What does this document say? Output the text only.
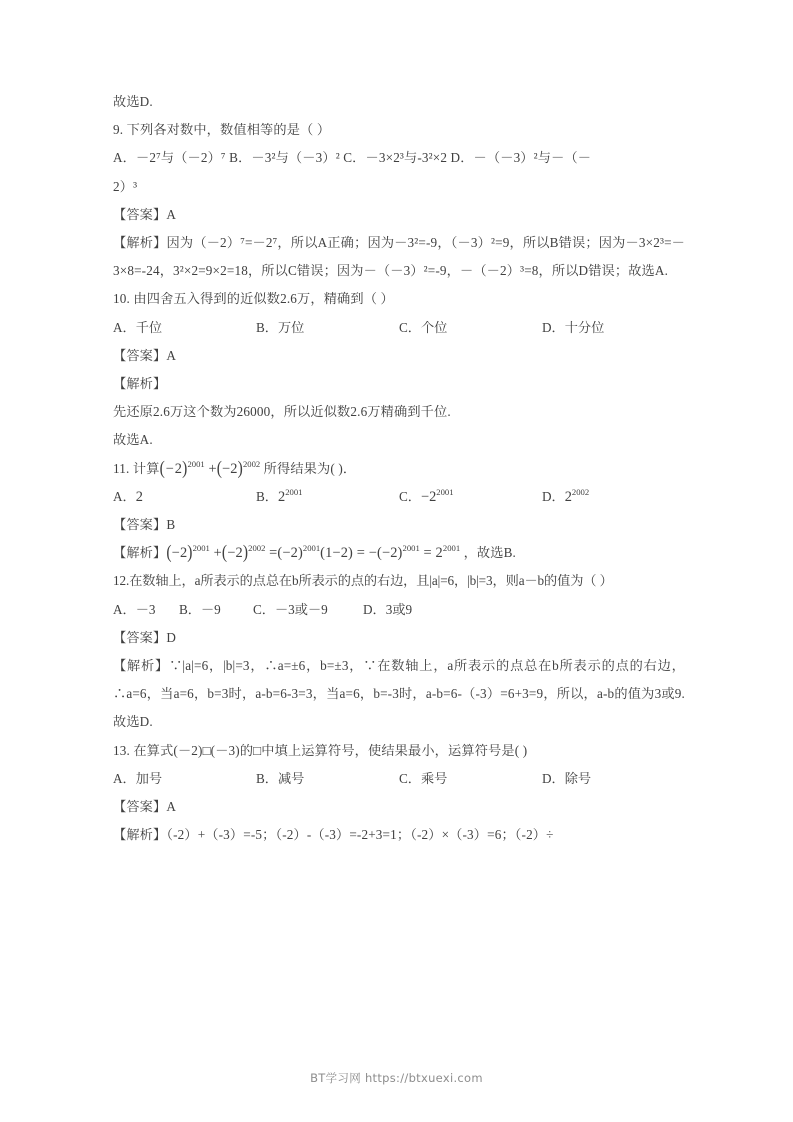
故选D.
9. 下列各对数中，数值相等的是（ ）
A．－2⁷与（－2）⁷ B．－3²与（－3）² C．－3×2³与-3²×2 D．－（－3）²与－（－
2）³
【答案】A
【解析】因为（－2）⁷=－2⁷，所以A正确；因为－3²=-9，（－3）²=9，所以B错误；因为－3×2³=－3×8=-24，3²×2=9×2=18，所以C错误；因为－（－3）²=-9，－（－2）³=8，所以D错误；故选A.
10. 由四舍五入得到的近似数2.6万，精确到（ ）
A．千位	B．万位	C．个位	D．十分位
【答案】A
【解析】
先还原2.6万这个数为26000，所以近似数2.6万精确到千位.
故选A.
11. 计算$(-2)^{2001} +(-2)^{2002}$ 所得结果为( )．
A．2	B．$2^{2001}$	C．$-2^{2001}$	D．$2^{2002}$
【答案】B
【解析】$(-2)^{2001} +(-2)^{2002} =(-2)^{2001}(1-2) = -(-2)^{2001} = 2^{2001}$ ，故选B.
12.在数轴上，a所表示的点总在b所表示的点的右边，且|a|=6，|b|=3，则a－b的值为（ ）
A．－3 B．－9 C．－3或－9	D．3或9
【答案】D
【解析】∵|a|=6，|b|=3，∴a=±6，b=±3，∵在数轴上，a所表示的点总在b所表示的点的右边，∴a=6，当a=6，b=3时，a-b=6-3=3，当a=6，b=-3时，a-b=6-（-3）=6+3=9，所以，a-b的值为3或9. 故选D.
13. 在算式(－2)□(－3)的□中填上运算符号，使结果最小，运算符号是( )
A．加号	B．减号	C．乘号	D．除号
【答案】A
【解析】（-2）+（-3）=-5；（-2）-（-3）=-2+3=1；（-2）×（-3）=6；（-2）÷
BT学习网 https://btxuexi.com
